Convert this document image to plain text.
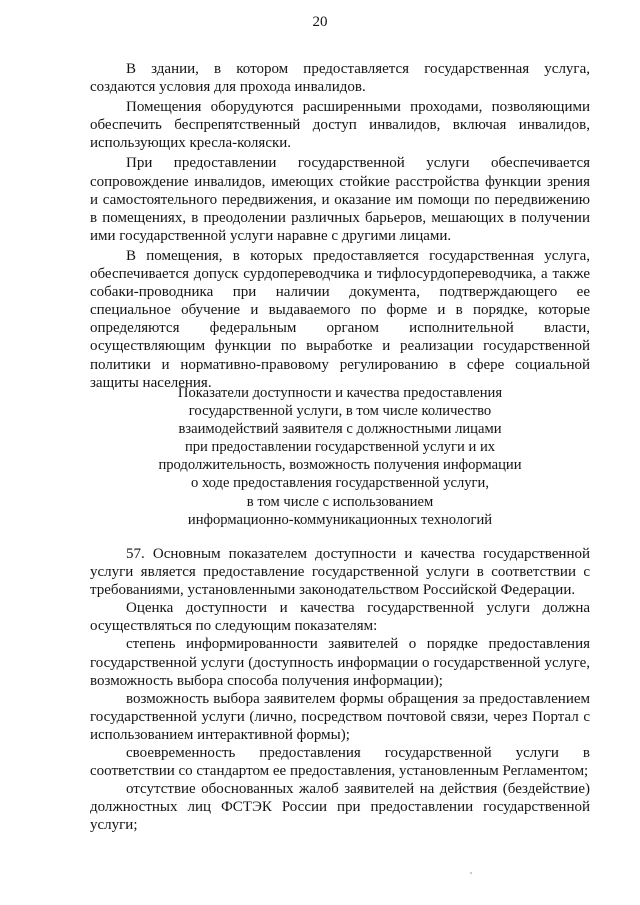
20

В здании, в котором предоставляется государственная услуга, создаются условия для прохода инвалидов.

Помещения оборудуются расширенными проходами, позволяющими обеспечить беспрепятственный доступ инвалидов, включая инвалидов, использующих кресла-коляски.

При предоставлении государственной услуги обеспечивается сопровождение инвалидов, имеющих стойкие расстройства функции зрения и самостоятельного передвижения, и оказание им помощи по передвижению в помещениях, в преодолении различных барьеров, мешающих в получении ими государственной услуги наравне с другими лицами.

В помещения, в которых предоставляется государственная услуга, обеспечивается допуск сурдопереводчика и тифлосурдопереводчика, а также собаки-проводника при наличии документа, подтверждающего ее специальное обучение и выдаваемого по форме и в порядке, которые определяются федеральным органом исполнительной власти, осуществляющим функции по выработке и реализации государственной политики и нормативно-правовому регулированию в сфере социальной защиты населения.

Показатели доступности и качества предоставления
государственной услуги, в том числе количество
взаимодействий заявителя с должностными лицами
при предоставлении государственной услуги и их
продолжительность, возможность получения информации
о ходе предоставления государственной услуги,
в том числе с использованием
информационно-коммуникационных технологий

57. Основным показателем доступности и качества государственной услуги является предоставление государственной услуги в соответствии с требованиями, установленными законодательством Российской Федерации.

Оценка доступности и качества государственной услуги должна осуществляться по следующим показателям:

степень информированности заявителей о порядке предоставления государственной услуги (доступность информации о государственной услуге, возможность выбора способа получения информации);

возможность выбора заявителем формы обращения за предоставлением государственной услуги (лично, посредством почтовой связи, через Портал с использованием интерактивной формы);

своевременность предоставления государственной услуги в соответствии со стандартом ее предоставления, установленным Регламентом;

отсутствие обоснованных жалоб заявителей на действия (бездействие) должностных лиц ФСТЭК России при предоставлении государственной услуги;
